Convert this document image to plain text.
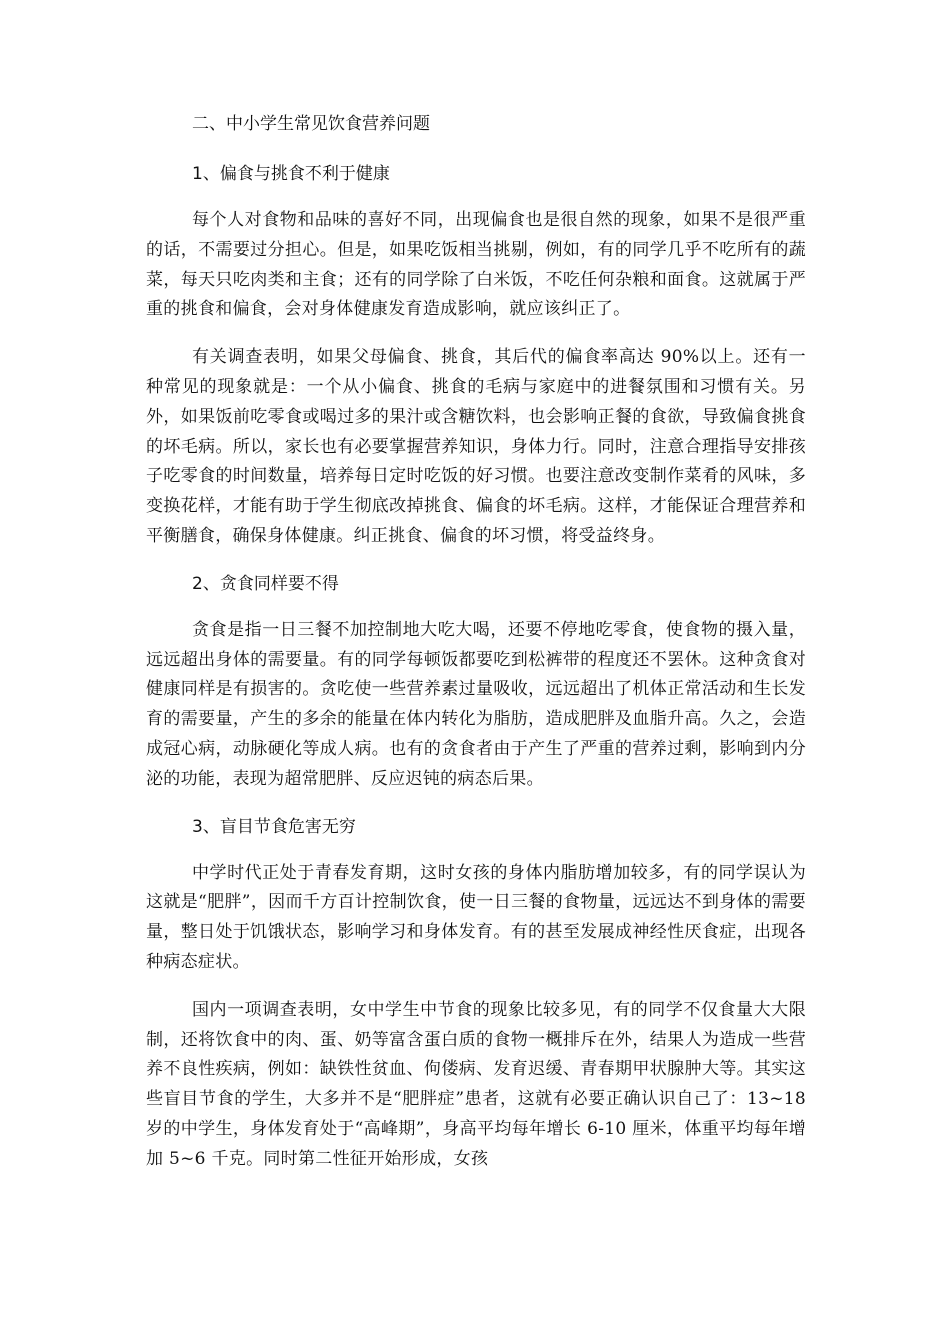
二、中小学生常见饮食营养问题
1、偏食与挑食不利于健康

每个人对食物和品味的喜好不同，出现偏食也是很自然的现象，如果不是很严重的话，不需要过分担心。但是，如果吃饭相当挑剔，例如，有的同学几乎不吃所有的蔬菜，每天只吃肉类和主食；还有的同学除了白米饭，不吃任何杂粮和面食。这就属于严重的挑食和偏食，会对身体健康发育造成影响，就应该纠正了。

有关调查表明，如果父母偏食、挑食，其后代的偏食率高达 90%以上。还有一种常见的现象就是：一个从小偏食、挑食的毛病与家庭中的进餐氛围和习惯有关。另外，如果饭前吃零食或喝过多的果汁或含糖饮料，也会影响正餐的食欲，导致偏食挑食的坏毛病。所以，家长也有必要掌握营养知识，身体力行。同时，注意合理指导安排孩子吃零食的时间数量，培养每日定时吃饭的好习惯。也要注意改变制作菜肴的风味，多变换花样，才能有助于学生彻底改掉挑食、偏食的坏毛病。这样，才能保证合理营养和平衡膳食，确保身体健康。纠正挑食、偏食的坏习惯，将受益终身。

2、贪食同样要不得

贪食是指一日三餐不加控制地大吃大喝，还要不停地吃零食，使食物的摄入量，远远超出身体的需要量。有的同学每顿饭都要吃到松裤带的程度还不罢休。这种贪食对健康同样是有损害的。贪吃使一些营养素过量吸收，远远超出了机体正常活动和生长发育的需要量，产生的多余的能量在体内转化为脂肪，造成肥胖及血脂升高。久之，会造成冠心病，动脉硬化等成人病。也有的贪食者由于产生了严重的营养过剩，影响到内分泌的功能，表现为超常肥胖、反应迟钝的病态后果。

3、盲目节食危害无穷

中学时代正处于青春发育期，这时女孩的身体内脂肪增加较多，有的同学误认为这就是“肥胖”，因而千方百计控制饮食，使一日三餐的食物量，远远达不到身体的需要量，整日处于饥饿状态，影响学习和身体发育。有的甚至发展成神经性厌食症，出现各种病态症状。

国内一项调查表明，女中学生中节食的现象比较多见，有的同学不仅食量大大限制，还将饮食中的肉、蛋、奶等富含蛋白质的食物一概排斥在外，结果人为造成一些营养不良性疾病，例如：缺铁性贫血、佝偻病、发育迟缓、青春期甲状腺肿大等。其实这些盲目节食的学生，大多并不是“肥胖症”患者，这就有必要正确认识自己了：13~18 岁的中学生，身体发育处于“高峰期”，身高平均每年增长 6-10 厘米，体重平均每年增加 5~6 千克。同时第二性征开始形成，女孩
